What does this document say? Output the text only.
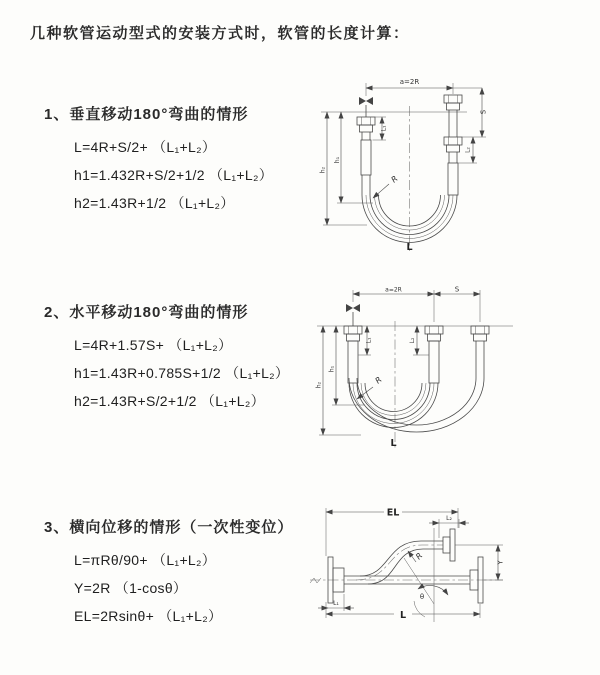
几种软管运动型式的安装方式时，软管的长度计算：
1、垂直移动180°弯曲的情形
L=4R+S/2+ （L₁+L₂）
h1=1.432R+S/2+1/2 （L₁+L₂）
h2=1.43R+1/2 （L₁+L₂）
2、水平移动180°弯曲的情形
L=4R+1.57S+ （L₁+L₂）
h1=1.43R+0.785S+1/2 （L₁+L₂）
h2=1.43R+S/2+1/2 （L₁+L₂）
3、横向位移的情形（一次性变位）
L=πRθ/90+ （L₁+L₂）
Y=2R （1-cosθ）
EL=2Rsinθ+ （L₁+L₂）
a=2R
S
L₁
L₂
h₁
h₂
R
L
a=2R	S
L₁	L₂
h₁
h₂	R
L
EL	L₂
Y
L
L₁
R
θ
